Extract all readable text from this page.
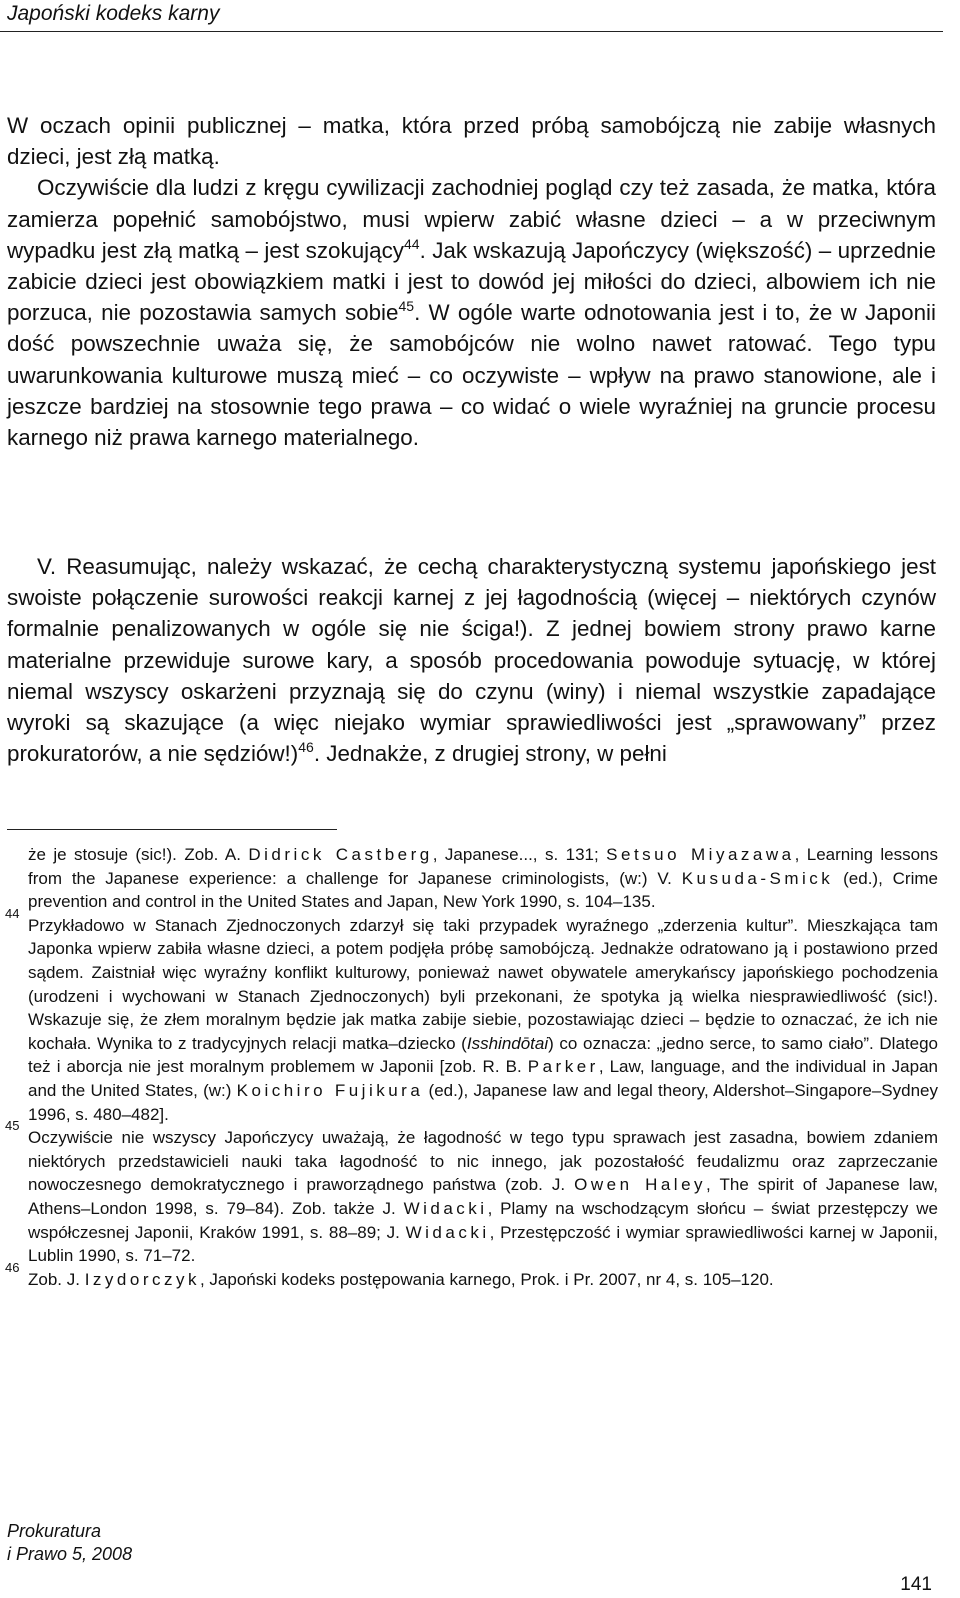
Japoński kodeks karny

W oczach opinii publicznej – matka, która przed próbą samobójczą nie zabije własnych dzieci, jest złą matką.
Oczywiście dla ludzi z kręgu cywilizacji zachodniej pogląd czy też zasada, że matka, która zamierza popełnić samobójstwo, musi wpierw zabić własne dzieci – a w przeciwnym wypadku jest złą matką – jest szokujący$^{44}$. Jak wskazują Japończycy (większość) – uprzednie zabicie dzieci jest obowiązkiem matki i jest to dowód jej miłości do dzieci, albowiem ich nie porzuca, nie pozostawia samych sobie$^{45}$. W ogóle warte odnotowania jest i to, że w Japonii dość powszechnie uważa się, że samobójców nie wolno nawet ratować. Tego typu uwarunkowania kulturowe muszą mieć – co oczywiste – wpływ na prawo stanowione, ale i jeszcze bardziej na stosownie tego prawa – co widać o wiele wyraźniej na gruncie procesu karnego niż prawa karnego materialnego.

V. Reasumując, należy wskazać, że cechą charakterystyczną systemu japońskiego jest swoiste połączenie surowości reakcji karnej z jej łagodnością (więcej – niektórych czynów formalnie penalizowanych w ogóle się nie ściga!). Z jednej bowiem strony prawo karne materialne przewiduje surowe kary, a sposób procedowania powoduje sytuację, w której niemal wszyscy oskarżeni przyznają się do czynu (winy) i niemal wszystkie zapadające wyroki są skazujące (a więc niejako wymiar sprawiedliwości jest „sprawowany” przez prokuratorów, a nie sędziów!)$^{46}$. Jednakże, z drugiej strony, w pełni

że je stosuje (sic!). Zob. A. Didrick Castberg, Japanese..., s. 131; Setsuo Miyazawa, Learning lessons from the Japanese experience: a challenge for Japanese criminologists, (w:) V. Kusuda-Smick (ed.), Crime prevention and control in the United States and Japan, New York 1990, s. 104–135.

44
Przykładowo w Stanach Zjednoczonych zdarzył się taki przypadek wyraźnego „zderzenia kultur”. Mieszkająca tam Japonka wpierw zabiła własne dzieci, a potem podjęła próbę samobójczą. Jednakże odratowano ją i postawiono przed sądem. Zaistniał więc wyraźny konflikt kulturowy, ponieważ nawet obywatele amerykańscy japońskiego pochodzenia (urodzeni i wychowani w Stanach Zjednoczonych) byli przekonani, że spotyka ją wielka niesprawiedliwość (sic!). Wskazuje się, że złem moralnym będzie jak matka zabije siebie, pozostawiając dzieci – będzie to oznaczać, że ich nie kochała. Wynika to z tradycyjnych relacji matka–dziecko (Isshindōtai) co oznacza: „jedno serce, to samo ciało”. Dlatego też i aborcja nie jest moralnym problemem w Japonii [zob. R. B. Parker, Law, language, and the individual in Japan and the United States, (w:) Koichiro Fujikura (ed.), Japanese law and legal theory, Aldershot–Singapore–Sydney 1996, s. 480–482].

45
Oczywiście nie wszyscy Japończycy uważają, że łagodność w tego typu sprawach jest zasadna, bowiem zdaniem niektórych przedstawicieli nauki taka łagodność to nic innego, jak pozostałość feudalizmu oraz zaprzeczanie nowoczesnego demokratycznego i praworządnego państwa (zob. J. Owen Haley, The spirit of Japanese law, Athens–London 1998, s. 79–84). Zob. także J. Widacki, Plamy na wschodzącym słońcu – świat przestępczy we współczesnej Japonii, Kraków 1991, s. 88–89; J. Widacki, Przestępczość i wymiar sprawiedliwości karnej w Japonii, Lublin 1990, s. 71–72.

46
Zob. J. Izydorczyk, Japoński kodeks postępowania karnego, Prok. i Pr. 2007, nr 4, s. 105–120.

Prokuratura
i Prawo 5, 2008
141
